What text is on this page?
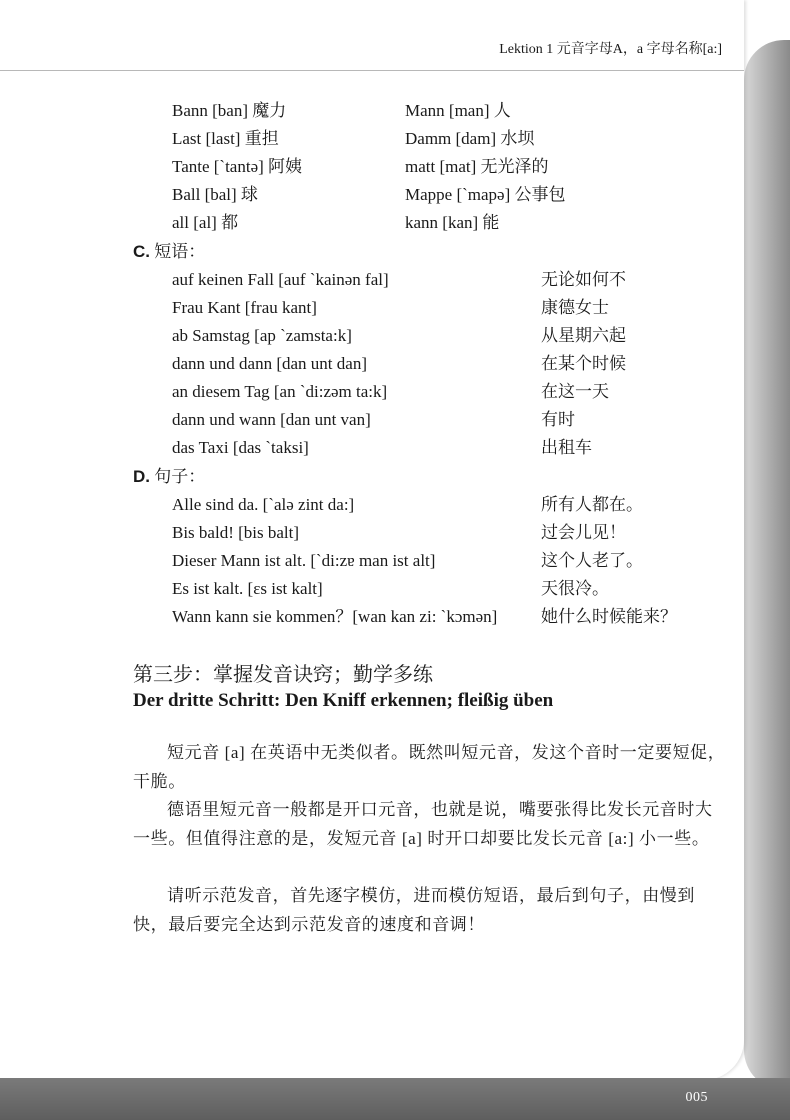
005
Lektion 1 元音字母A，a 字母名称[a:]
Bann [ban] 魔力	Mann [man] 人
Last [last] 重担	Damm [dam] 水坝
Tante [`tantə] 阿姨	matt [mat] 无光泽的
Ball [bal] 球	Mappe [`mapə] 公事包
all [al] 都	kann [kan] 能
C. 短语：
auf keinen Fall [auf `kainən fal]	无论如何不
Frau Kant [frau kant]	康德女士
ab Samstag [ap `zamsta:k]	从星期六起
dann und dann [dan unt dan]	在某个时候
an diesem Tag [an `di:zəm ta:k]	在这一天
dann und wann [dan unt van]	有时
das Taxi [das `taksi]	出租车
D. 句子：
Alle sind da. [`alə zint da:]	所有人都在。
Bis bald! [bis balt]	过会儿见！
Dieser Mann ist alt. [`di:zɐ man ist alt]	这个人老了。
Es ist kalt. [ɛs ist kalt]	天很冷。
Wann kann sie kommen？[wan kan zi: `kɔmən]	她什么时候能来？
第三步：掌握发音诀窍；勤学多练
Der dritte Schritt: Den Kniff erkennen; fleißig üben
短元音 [a] 在英语中无类似者。既然叫短元音，发这个音时一定要短促，干脆。
德语里短元音一般都是开口元音，也就是说，嘴要张得比发长元音时大一些。但值得注意的是，发短元音 [a] 时开口却要比发长元音 [a:] 小一些。
请听示范发音，首先逐字模仿，进而模仿短语，最后到句子，由慢到快，最后要完全达到示范发音的速度和音调！
